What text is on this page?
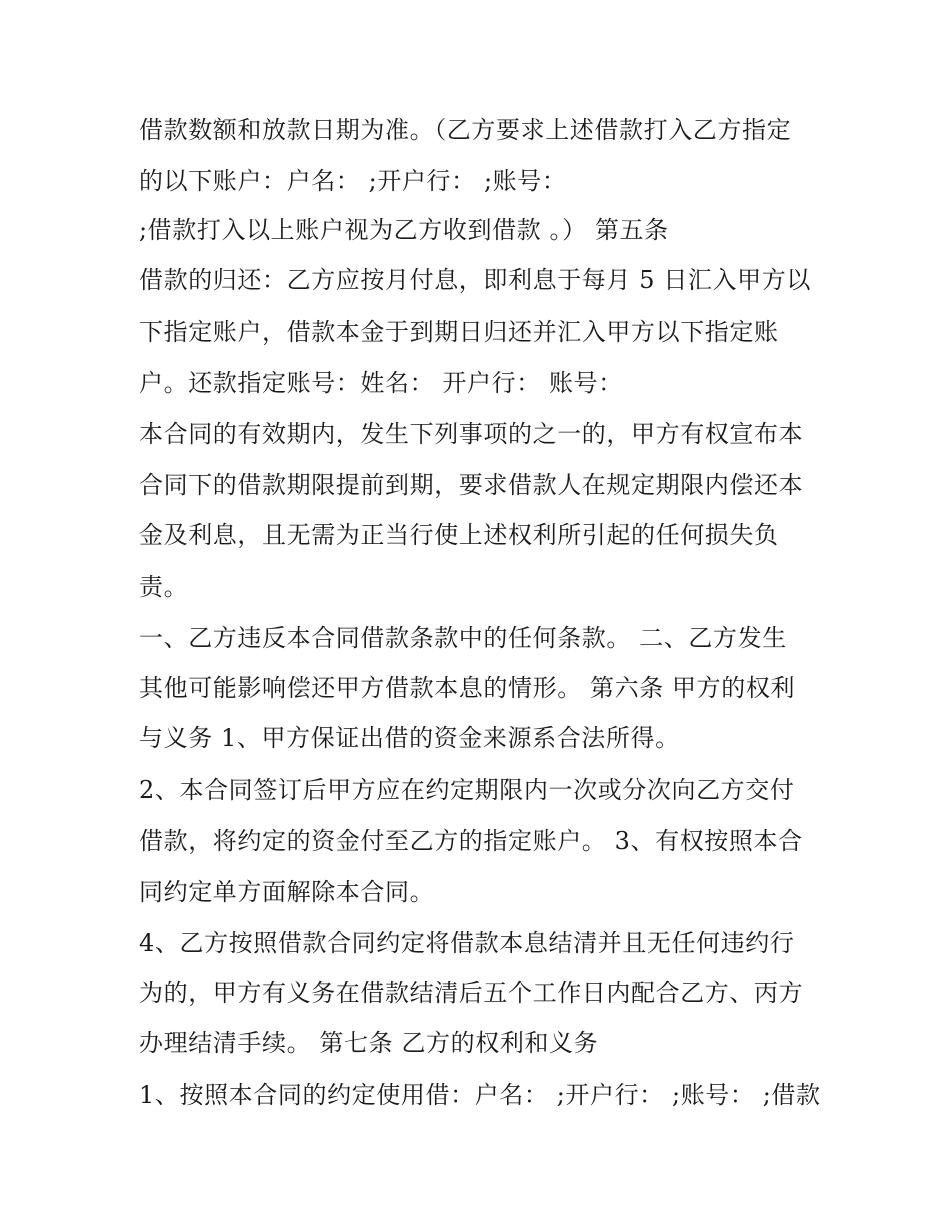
借款数额和放款日期为准。（乙方要求上述借款打入乙方指定
的以下账户：户名： ;开户行： ;账号：
;借款打入以上账户视为乙方收到借款 。） 第五条
借款的归还：乙方应按月付息，即利息于每月 5 日汇入甲方以
下指定账户，借款本金于到期日归还并汇入甲方以下指定账
户。还款指定账号：姓名： 开户行： 账号：
本合同的有效期内，发生下列事项的之一的，甲方有权宣布本
合同下的借款期限提前到期，要求借款人在规定期限内偿还本
金及利息，且无需为正当行使上述权利所引起的任何损失负
责。
一、乙方违反本合同借款条款中的任何条款。 二、乙方发生
其他可能影响偿还甲方借款本息的情形。 第六条 甲方的权利
与义务 1、甲方保证出借的资金来源系合法所得。
2、本合同签订后甲方应在约定期限内一次或分次向乙方交付
借款，将约定的资金付至乙方的指定账户。 3、有权按照本合
同约定单方面解除本合同。
4、乙方按照借款合同约定将借款本息结清并且无任何违约行
为的，甲方有义务在借款结清后五个工作日内配合乙方、丙方
办理结清手续。 第七条 乙方的权利和义务
1、按照本合同的约定使用借：户名： ;开户行： ;账号： ;借款
